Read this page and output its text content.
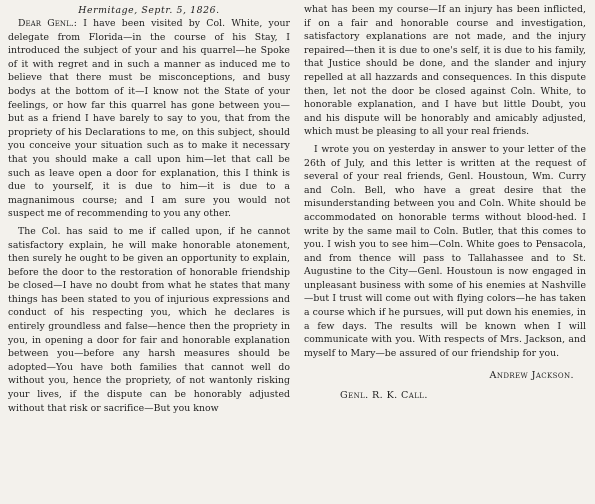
Hermitage, Septr. 5, 1826.

Dear Genl.: I have been visited by Col. White, your delegate from Florida—in the course of his Stay, I introduced the subject of your and his quarrel—he Spoke of it with regret and in such a manner as induced me to believe that there must be misconceptions, and busy bodys at the bottom of it—I know not the State of your feelings, or how far this quarrel has gone between you—but as a friend I have barely to say to you, that from the propriety of his Declarations to me, on this subject, should you conceive your situation such as to make it necessary that you should make a call upon him—let that call be such as leave open a door for explanation, this I think is due to yourself, it is due to him—it is due to a magnanimous course; and I am sure you would not suspect me of recommending to you any other.

The Col. has said to me if called upon, if he cannot satisfactory explain, he will make honorable atonement, then surely he ought to be given an opportunity to explain, before the door to the restoration of honorable friendship be closed—I have no doubt from what he states that many things has been stated to you of injurious expressions and conduct of his respecting you, which he declares is entirely groundless and false—hence then the propriety in you, in opening a door for fair and honorable explanation between you—before any harsh measures should be adopted—You have both families that cannot well do without you, hence the propriety, of not wantonly risking your lives, if the dispute can be honorably adjusted without that risk or sacrifice—But you know

what has been my course—If an injury has been inflicted, if on a fair and honorable course and investigation, satisfactory explanations are not made, and the injury repaired—then it is due to one's self, it is due to his family, that Justice should be done, and the slander and injury repelled at all hazzards and consequences. In this dispute then, let not the door be closed against Coln. White, to honorable explanation, and I have but little Doubt, you and his dispute will be honorably and amicably adjusted, which must be pleasing to all your real friends.

I wrote you on yesterday in answer to your letter of the 26th of July, and this letter is written at the request of several of your real friends, Genl. Houstoun, Wm. Curry and Coln. Bell, who have a great desire that the misunderstanding between you and Coln. White should be accommodated on honorable terms without blood-hed. I write by the same mail to Coln. Butler, that this comes to you. I wish you to see him—Coln. White goes to Pensacola, and from thence will pass to Tallahassee and to St. Augustine to the City—Genl. Houstoun is now engaged in unpleasant business with some of his enemies at Nashville—but I trust will come out with flying colors—he has taken a course which if he pursues, will put down his enemies, in a few days. The results will be known when I will communicate with you. With respects of Mrs. Jackson, and myself to Mary—be assured of our friendship for you.

Andrew Jackson.
Genl. R. K. Call.
